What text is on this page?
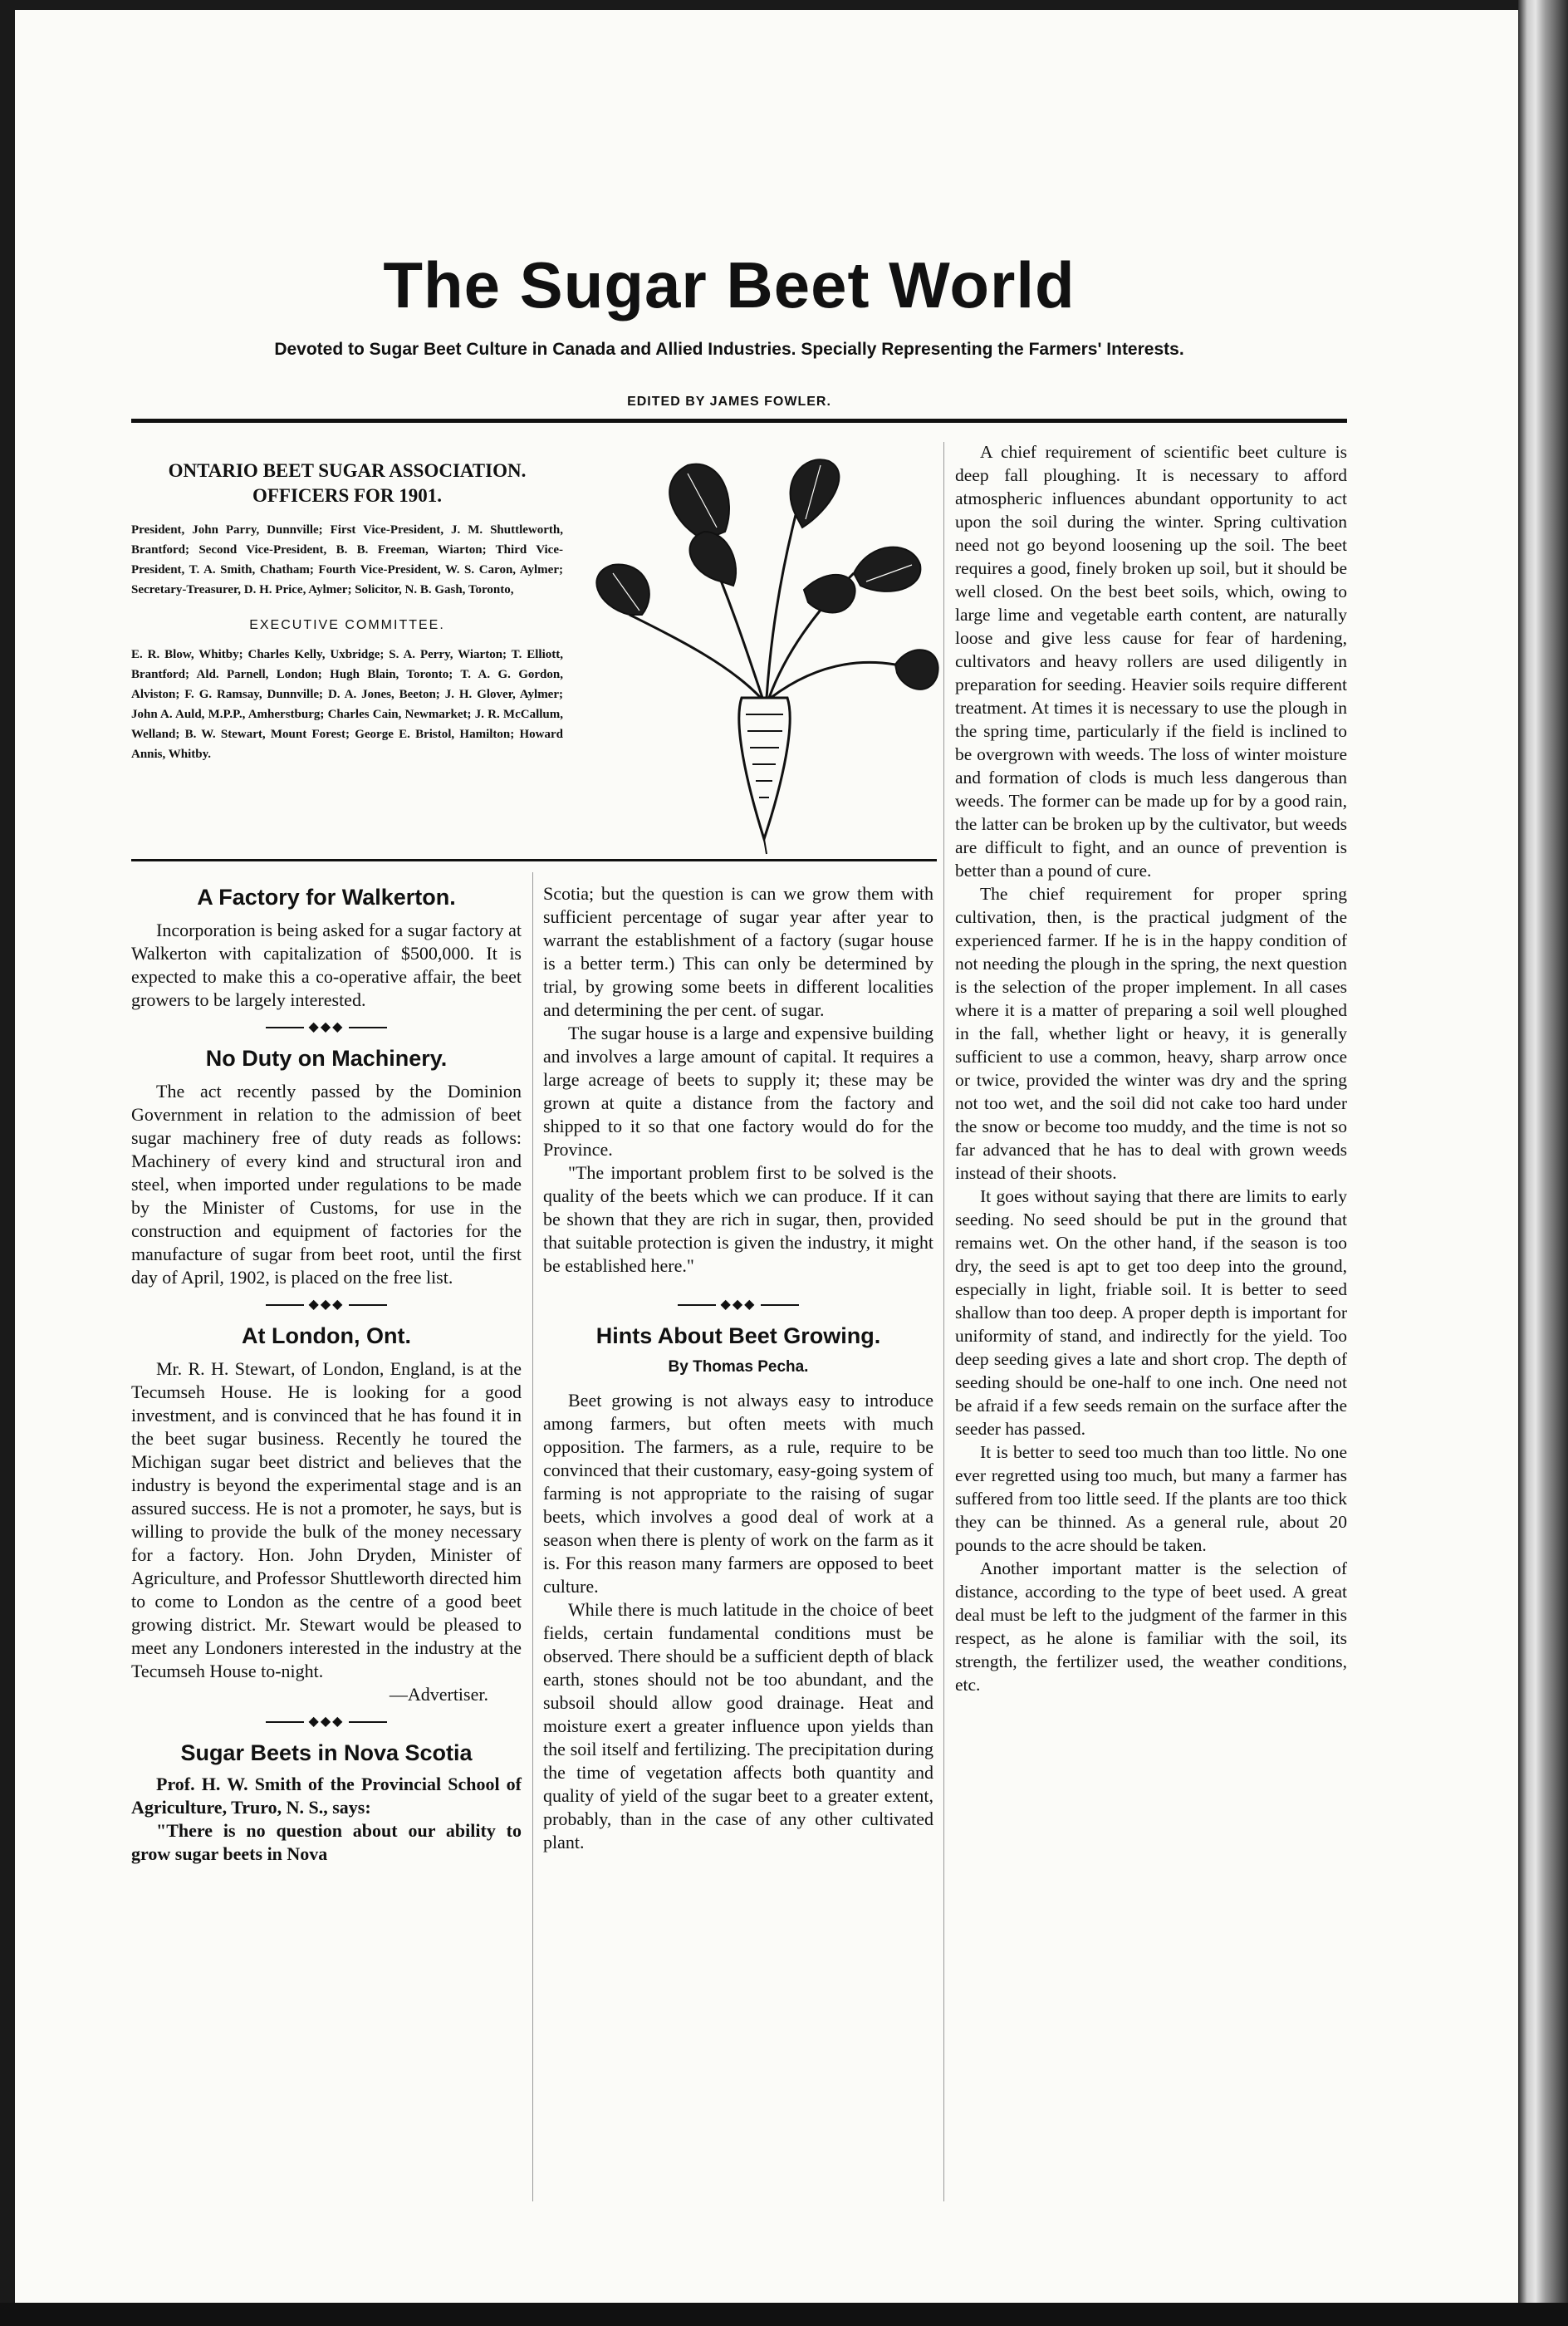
The Sugar Beet World
Devoted to Sugar Beet Culture in Canada and Allied Industries. Specially Representing the Farmers' Interests.
EDITED BY JAMES FOWLER.
ONTARIO BEET SUGAR ASSOCIATION.
OFFICERS FOR 1901.

President, John Parry, Dunnville; First Vice-President, J. M. Shuttleworth, Brantford; Second Vice-President, B. B. Freeman, Wiarton; Third Vice-President, T. A. Smith, Chatham; Fourth Vice-President, W. S. Caron, Aylmer; Secretary-Treasurer, D. H. Price, Aylmer; Solicitor, N. B. Gash, Toronto,

EXECUTIVE COMMITTEE.

E. R. Blow, Whitby; Charles Kelly, Uxbridge; S. A. Perry, Wiarton; T. Elliott, Brantford; Ald. Parnell, London; Hugh Blain, Toronto; T. A. G. Gordon, Alviston; F. G. Ramsay, Dunnville; D. A. Jones, Beeton; J. H. Glover, Aylmer; John A. Auld, M.P.P., Amherstburg; Charles Cain, Newmarket; J. R. McCallum, Welland; B. W. Stewart, Mount Forest; George E. Bristol, Hamilton; Howard Annis, Whitby.

A Factory for Walkerton.

Incorporation is being asked for a sugar factory at Walkerton with capitalization of $500,000. It is expected to make this a co-operative affair, the beet growers to be largely interested.

◆◆◆
No Duty on Machinery.

The act recently passed by the Dominion Government in relation to the admission of beet sugar machinery free of duty reads as follows: Machinery of every kind and structural iron and steel, when imported under regulations to be made by the Minister of Customs, for use in the construction and equipment of factories for the manufacture of sugar from beet root, until the first day of April, 1902, is placed on the free list.

◆◆◆
At London, Ont.

Mr. R. H. Stewart, of London, England, is at the Tecumseh House. He is looking for a good investment, and is convinced that he has found it in the beet sugar business. Recently he toured the Michigan sugar beet district and believes that the industry is beyond the experimental stage and is an assured success. He is not a promoter, he says, but is willing to provide the bulk of the money necessary for a factory. Hon. John Dryden, Minister of Agriculture, and Professor Shuttleworth directed him to come to London as the centre of a good beet growing district. Mr. Stewart would be pleased to meet any Londoners interested in the industry at the Tecumseh House to-night.

—Advertiser.

◆◆◆
Sugar Beets in Nova Scotia

Prof. H. W. Smith of the Provincial School of Agriculture, Truro, N. S., says:

"There is no question about our ability to grow sugar beets in Nova

Scotia; but the question is can we grow them with sufficient percentage of sugar year after year to warrant the establishment of a factory (sugar house is a better term.) This can only be determined by trial, by growing some beets in different localities and determining the per cent. of sugar.

The sugar house is a large and expensive building and involves a large amount of capital. It requires a large acreage of beets to supply it; these may be grown at quite a distance from the factory and shipped to it so that one factory would do for the Province.

"The important problem first to be solved is the quality of the beets which we can produce. If it can be shown that they are rich in sugar, then, provided that suitable protection is given the industry, it might be established here."

◆◆◆
Hints About Beet Growing.
By Thomas Pecha.

Beet growing is not always easy to introduce among farmers, but often meets with much opposition. The farmers, as a rule, require to be convinced that their customary, easy-going system of farming is not appropriate to the raising of sugar beets, which involves a good deal of work at a season when there is plenty of work on the farm as it is. For this reason many farmers are opposed to beet culture.

While there is much latitude in the choice of beet fields, certain fundamental conditions must be observed. There should be a sufficient depth of black earth, stones should not be too abundant, and the subsoil should allow good drainage. Heat and moisture exert a greater influence upon yields than the soil itself and fertilizing. The precipitation during the time of vegetation affects both quantity and quality of yield of the sugar beet to a greater extent, probably, than in the case of any other cultivated plant.

A chief requirement of scientific beet culture is deep fall ploughing. It is necessary to afford atmospheric influences abundant opportunity to act upon the soil during the winter. Spring cultivation need not go beyond loosening up the soil. The beet requires a good, finely broken up soil, but it should be well closed. On the best beet soils, which, owing to large lime and vegetable earth content, are naturally loose and give less cause for fear of hardening, cultivators and heavy rollers are used diligently in preparation for seeding. Heavier soils require different treatment. At times it is necessary to use the plough in the spring time, particularly if the field is inclined to be overgrown with weeds. The loss of winter moisture and formation of clods is much less dangerous than weeds. The former can be made up for by a good rain, the latter can be broken up by the cultivator, but weeds are difficult to fight, and an ounce of prevention is better than a pound of cure.

The chief requirement for proper spring cultivation, then, is the practical judgment of the experienced farmer. If he is in the happy condition of not needing the plough in the spring, the next question is the selection of the proper implement. In all cases where it is a matter of preparing a soil well ploughed in the fall, whether light or heavy, it is generally sufficient to use a common, heavy, sharp arrow once or twice, provided the winter was dry and the spring not too wet, and the soil did not cake too hard under the snow or become too muddy, and the time is not so far advanced that he has to deal with grown weeds instead of their shoots.

It goes without saying that there are limits to early seeding. No seed should be put in the ground that remains wet. On the other hand, if the season is too dry, the seed is apt to get too deep into the ground, especially in light, friable soil. It is better to seed shallow than too deep. A proper depth is important for uniformity of stand, and indirectly for the yield. Too deep seeding gives a late and short crop. The depth of seeding should be one-half to one inch. One need not be afraid if a few seeds remain on the surface after the seeder has passed.

It is better to seed too much than too little. No one ever regretted using too much, but many a farmer has suffered from too little seed. If the plants are too thick they can be thinned. As a general rule, about 20 pounds to the acre should be taken.

Another important matter is the selection of distance, according to the type of beet used. A great deal must be left to the judgment of the farmer in this respect, as he alone is familiar with the soil, its strength, the fertilizer used, the weather conditions, etc.
